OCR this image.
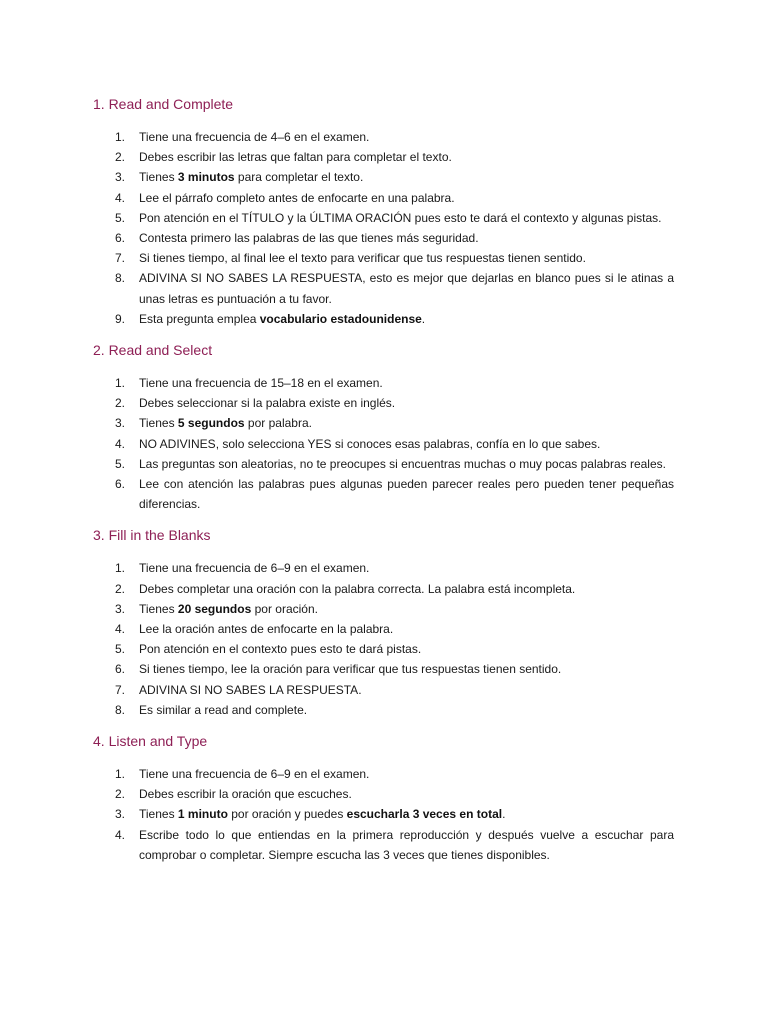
1. Read and Complete
1. Tiene una frecuencia de 4–6 en el examen.
2. Debes escribir las letras que faltan para completar el texto.
3. Tienes 3 minutos para completar el texto.
4. Lee el párrafo completo antes de enfocarte en una palabra.
5. Pon atención en el TÍTULO y la ÚLTIMA ORACIÓN pues esto te dará el contexto y algunas pistas.
6. Contesta primero las palabras de las que tienes más seguridad.
7. Si tienes tiempo, al final lee el texto para verificar que tus respuestas tienen sentido.
8. ADIVINA SI NO SABES LA RESPUESTA, esto es mejor que dejarlas en blanco pues si le atinas a unas letras es puntuación a tu favor.
9. Esta pregunta emplea vocabulario estadounidense.
2. Read and Select
1. Tiene una frecuencia de 15–18 en el examen.
2. Debes seleccionar si la palabra existe en inglés.
3. Tienes 5 segundos por palabra.
4. NO ADIVINES, solo selecciona YES si conoces esas palabras, confía en lo que sabes.
5. Las preguntas son aleatorias, no te preocupes si encuentras muchas o muy pocas palabras reales.
6. Lee con atención las palabras pues algunas pueden parecer reales pero pueden tener pequeñas diferencias.
3. Fill in the Blanks
1. Tiene una frecuencia de 6–9 en el examen.
2. Debes completar una oración con la palabra correcta. La palabra está incompleta.
3. Tienes 20 segundos por oración.
4. Lee la oración antes de enfocarte en la palabra.
5. Pon atención en el contexto pues esto te dará pistas.
6. Si tienes tiempo, lee la oración para verificar que tus respuestas tienen sentido.
7. ADIVINA SI NO SABES LA RESPUESTA.
8. Es similar a read and complete.
4. Listen and Type
1. Tiene una frecuencia de 6–9 en el examen.
2. Debes escribir la oración que escuches.
3. Tienes 1 minuto por oración y puedes escucharla 3 veces en total.
4. Escribe todo lo que entiendas en la primera reproducción y después vuelve a escuchar para comprobar o completar. Siempre escucha las 3 veces que tienes disponibles.
